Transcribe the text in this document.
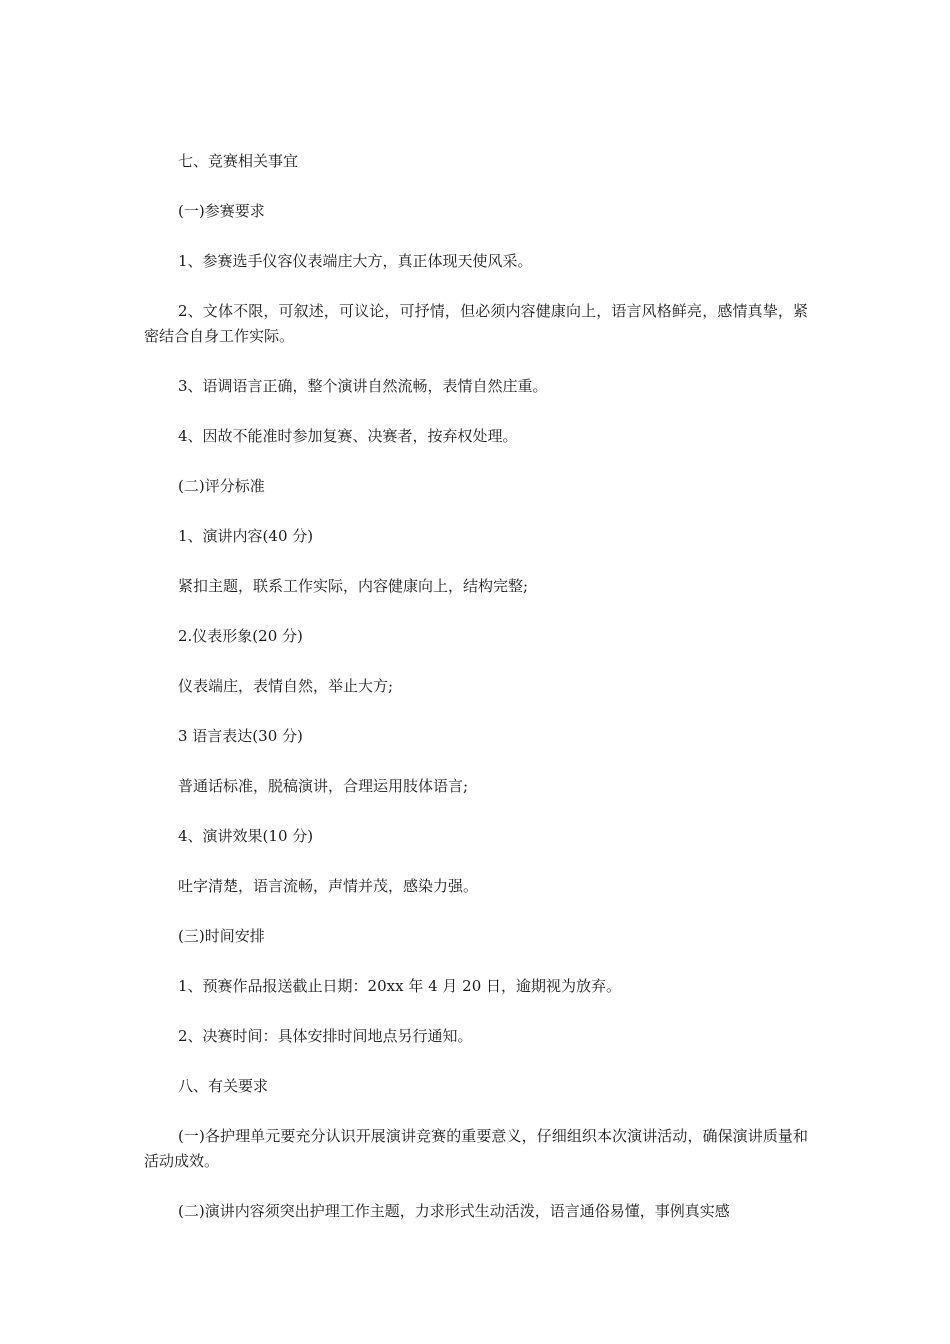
七、竞赛相关事宜

(一)参赛要求

1、参赛选手仪容仪表端庄大方，真正体现天使风采。

2、文体不限，可叙述，可议论，可抒情，但必须内容健康向上，语言风格鲜亮，感情真挚，紧密结合自身工作实际。

3、语调语言正确，整个演讲自然流畅，表情自然庄重。

4、因故不能准时参加复赛、决赛者，按弃权处理。

(二)评分标准

1、演讲内容(40 分)

紧扣主题，联系工作实际，内容健康向上，结构完整;

2.仪表形象(20 分)

仪表端庄，表情自然，举止大方;

3 语言表达(30 分)

普通话标准，脱稿演讲，合理运用肢体语言;

4、演讲效果(10 分)

吐字清楚，语言流畅，声情并茂，感染力强。

(三)时间安排

1、预赛作品报送截止日期：20xx 年 4 月 20 日，逾期视为放弃。

2、决赛时间：具体安排时间地点另行通知。

八、有关要求

(一)各护理单元要充分认识开展演讲竞赛的重要意义，仔细组织本次演讲活动，确保演讲质量和活动成效。

(二)演讲内容须突出护理工作主题，力求形式生动活泼，语言通俗易懂，事例真实感
